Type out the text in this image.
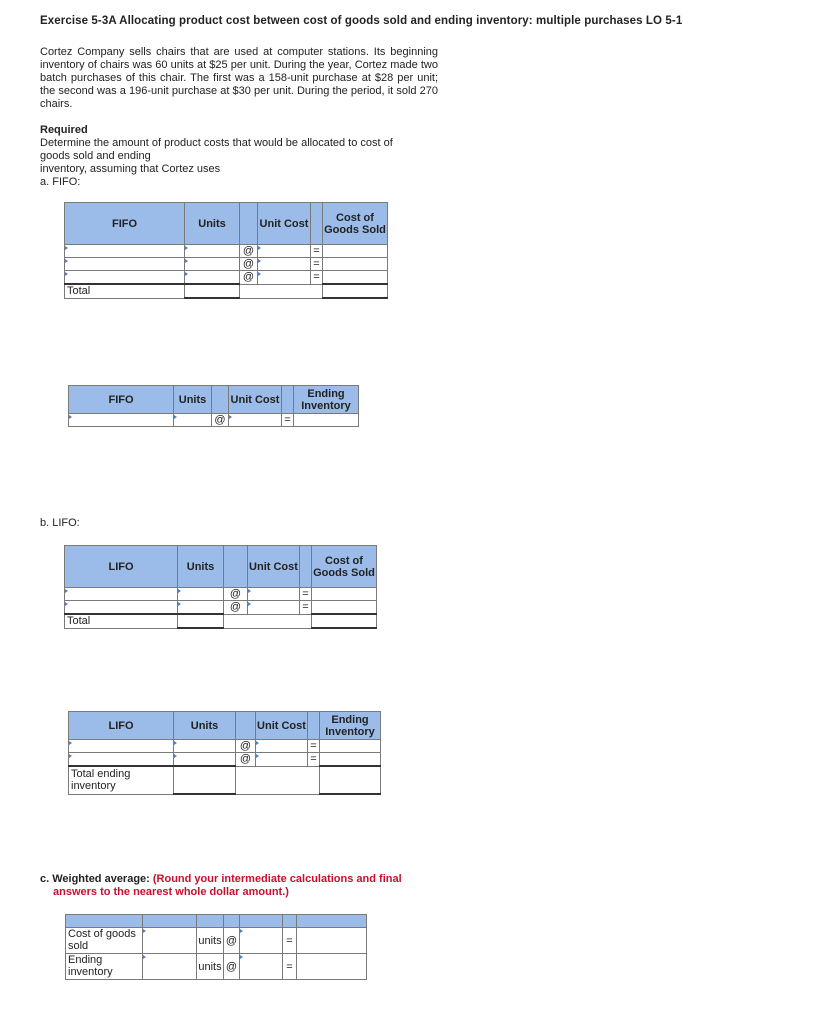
Exercise 5-3A Allocating product cost between cost of goods sold and ending inventory: multiple purchases LO 5-1
Cortez Company sells chairs that are used at computer stations. Its beginning inventory of chairs was 60 units at $25 per unit. During the year, Cortez made two batch purchases of this chair. The first was a 158-unit purchase at $28 per unit; the second was a 196-unit purchase at $30 per unit. During the period, it sold 270 chairs.
Required
Determine the amount of product costs that would be allocated to cost of
goods sold and ending
inventory, assuming that Cortez uses
a. FIFO:
FIFO	Units		Unit Cost		Cost of Goods Sold
		@		=	
		@		=	
		@		=	
Total					
FIFO	Units		Unit Cost		Ending Inventory
		@		=	
b. LIFO:
LIFO	Units		Unit Cost		Cost of Goods Sold
		@		=	
		@		=	
Total					
LIFO	Units		Unit Cost		Ending Inventory
		@		=	
		@		=	
Total ending inventory					
c. Weighted average: (Round your intermediate calculations and final
answers to the nearest whole dollar amount.)

Cost of goods sold		units	@		=	
Ending inventory		units	@		=	
